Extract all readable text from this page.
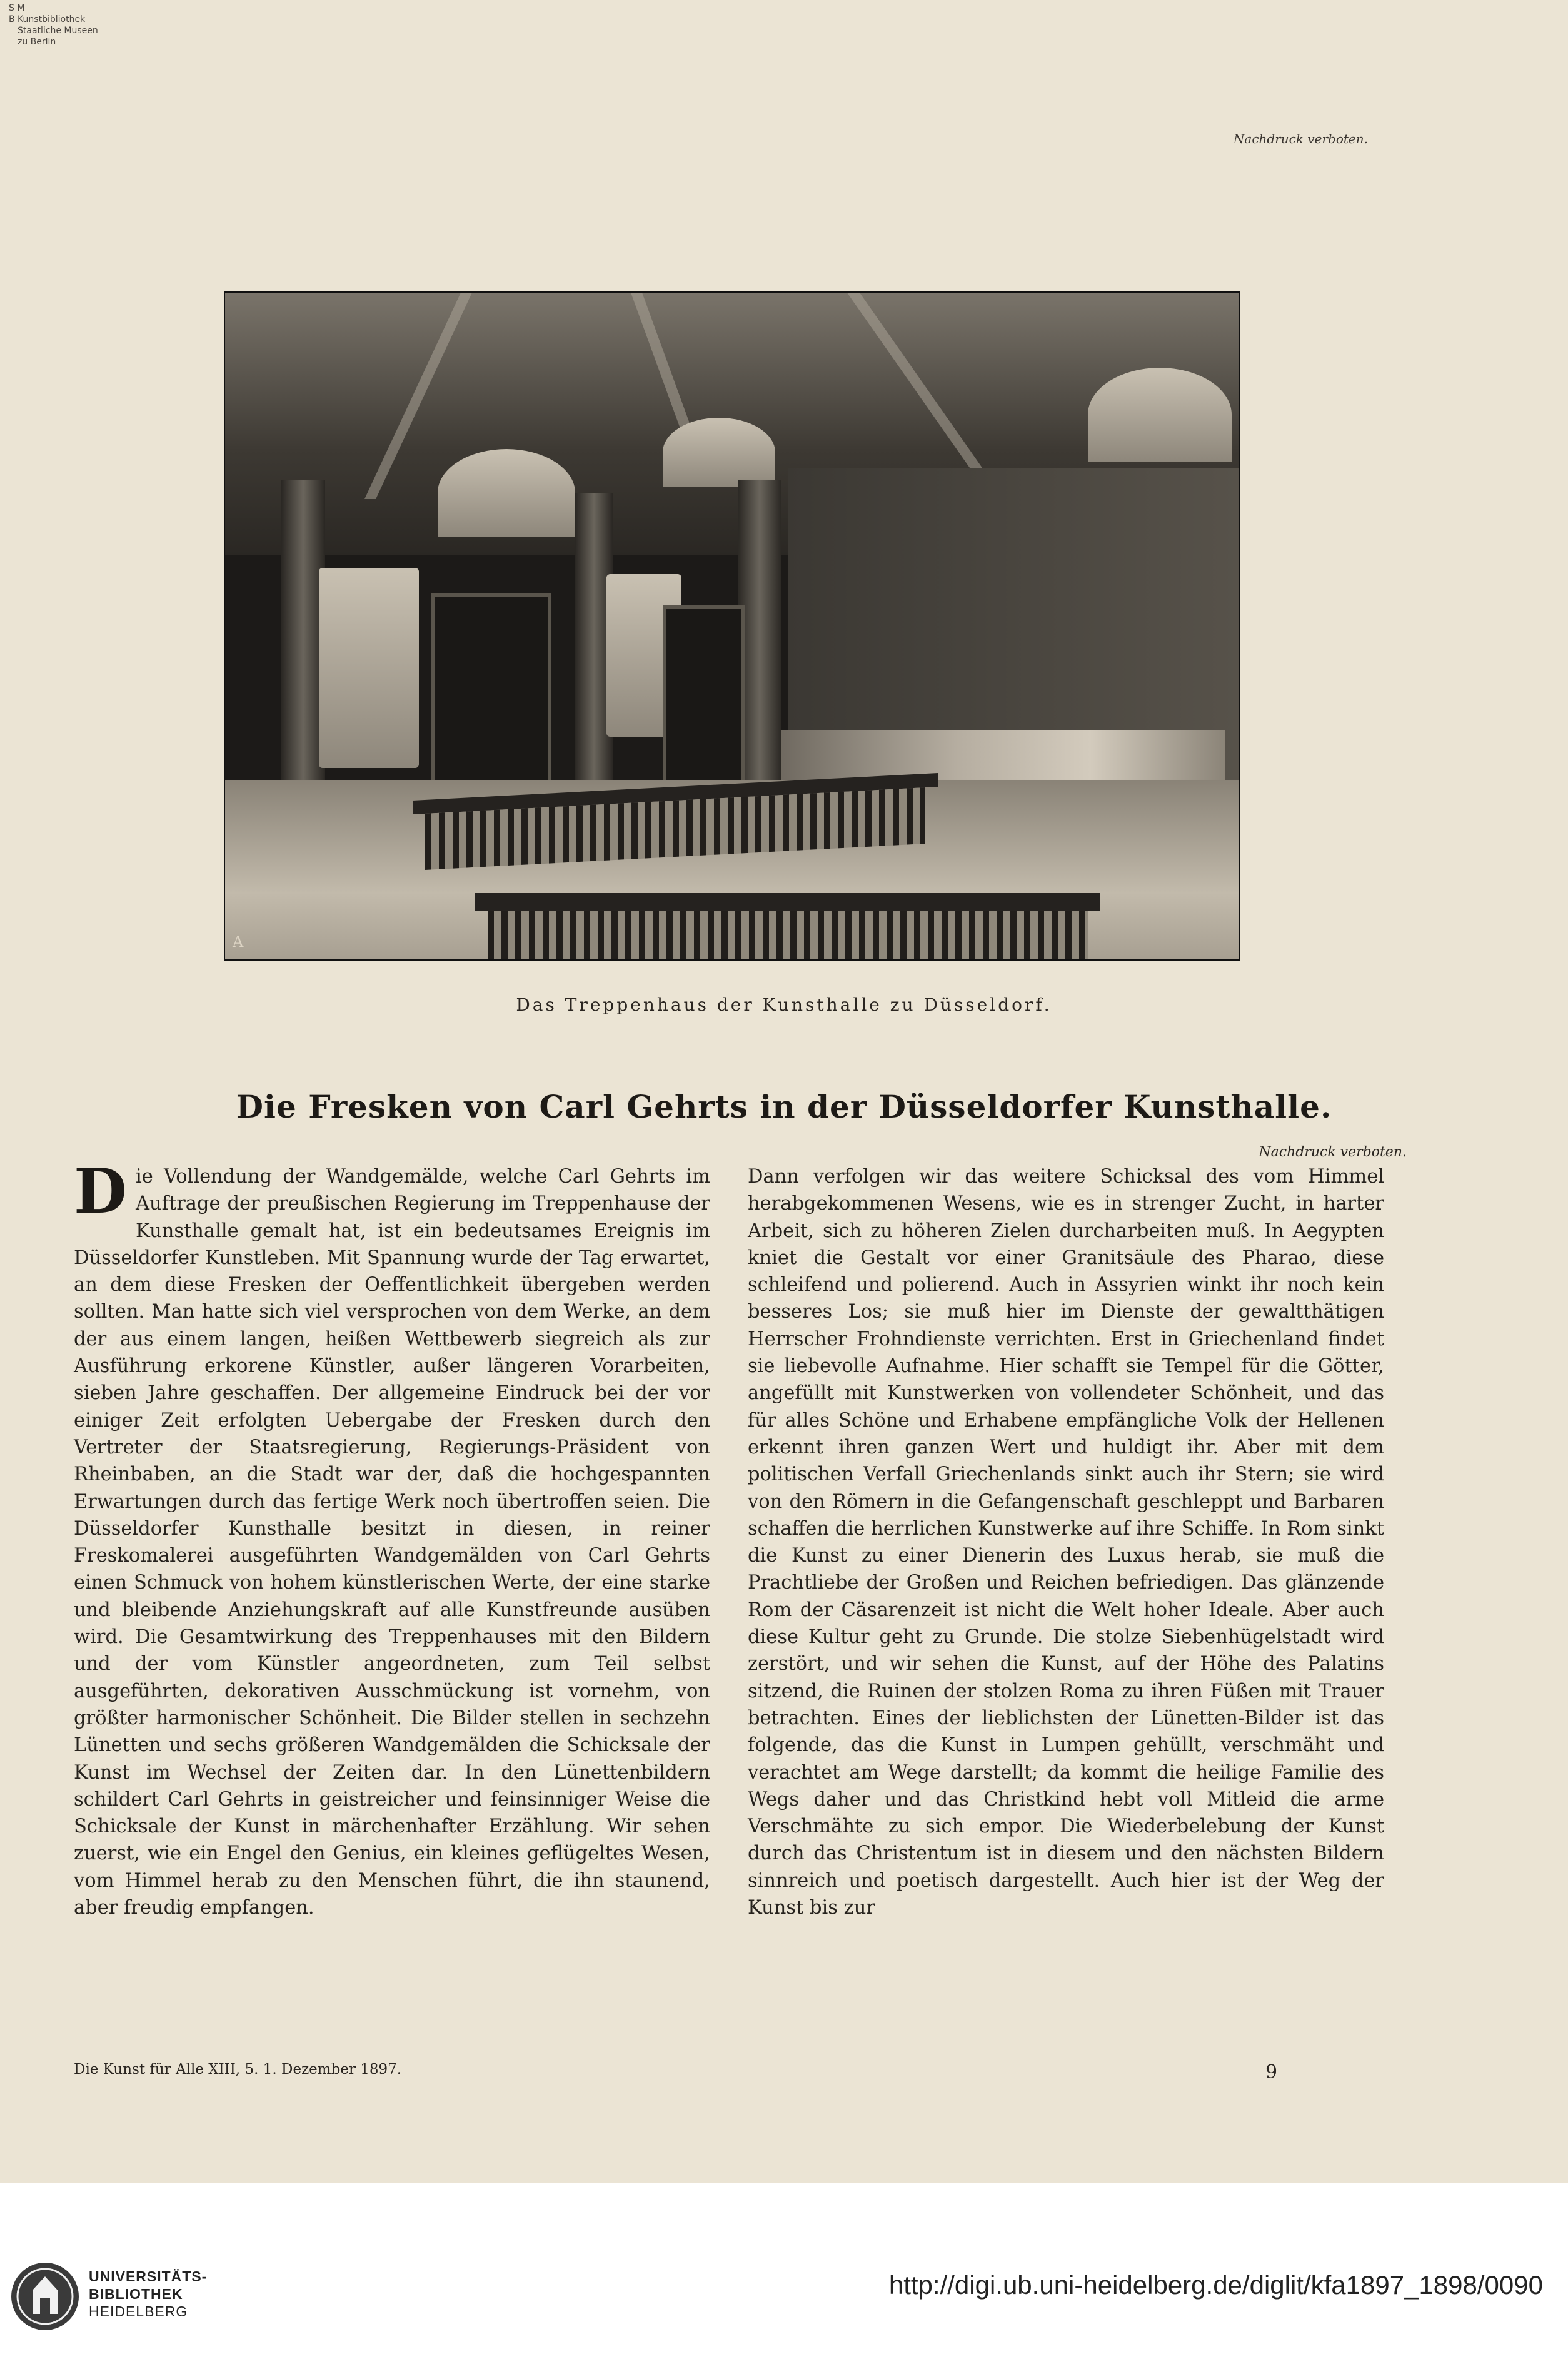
S M
B Kunstbibliothek
Staatliche Museen
zu Berlin
Nachdruck verboten.
A
Das Treppenhaus der Kunsthalle zu Düsseldorf.
Die Fresken von Carl Gehrts in der Düsseldorfer Kunsthalle.
Nachdruck verboten.

Die Vollendung der Wandgemälde, welche Carl Gehrts im Auftrage der preußischen Regierung im Treppenhause der Kunsthalle gemalt hat, ist ein bedeutsames Ereignis im Düsseldorfer Kunstleben. Mit Spannung wurde der Tag erwartet, an dem diese Fresken der Oeffentlichkeit übergeben werden sollten. Man hatte sich viel versprochen von dem Werke, an dem der aus einem langen, heißen Wettbewerb siegreich als zur Ausführung erkorene Künstler, außer längeren Vorarbeiten, sieben Jahre geschaffen. Der allgemeine Eindruck bei der vor einiger Zeit erfolgten Uebergabe der Fresken durch den Vertreter der Staatsregierung, Regierungs-Präsident von Rheinbaben, an die Stadt war der, daß die hochgespannten Erwartungen durch das fertige Werk noch übertroffen seien. Die Düsseldorfer Kunsthalle besitzt in diesen, in reiner Freskomalerei ausgeführten Wandgemälden von Carl Gehrts einen Schmuck von hohem künstlerischen Werte, der eine starke und bleibende Anziehungskraft auf alle Kunstfreunde ausüben wird. Die Gesamtwirkung des Treppenhauses mit den Bildern und der vom Künstler angeordneten, zum Teil selbst ausgeführten, dekorativen Ausschmückung ist vornehm, von größter harmonischer Schönheit. Die Bilder stellen in sechzehn Lünetten und sechs größeren Wandgemälden die Schicksale der Kunst im Wechsel der Zeiten dar. In den Lünettenbildern schildert Carl Gehrts in geistreicher und feinsinniger Weise die Schicksale der Kunst in märchenhafter Erzählung. Wir sehen zuerst, wie ein Engel den Genius, ein kleines geflügeltes Wesen, vom Himmel herab zu den Menschen führt, die ihn staunend, aber freudig empfangen.

Dann verfolgen wir das weitere Schicksal des vom Himmel herabgekommenen Wesens, wie es in strenger Zucht, in harter Arbeit, sich zu höheren Zielen durcharbeiten muß. In Aegypten kniet die Gestalt vor einer Granitsäule des Pharao, diese schleifend und polierend. Auch in Assyrien winkt ihr noch kein besseres Los; sie muß hier im Dienste der gewaltthätigen Herrscher Frohndienste verrichten. Erst in Griechenland findet sie liebevolle Aufnahme. Hier schafft sie Tempel für die Götter, angefüllt mit Kunstwerken von vollendeter Schönheit, und das für alles Schöne und Erhabene empfängliche Volk der Hellenen erkennt ihren ganzen Wert und huldigt ihr. Aber mit dem politischen Verfall Griechenlands sinkt auch ihr Stern; sie wird von den Römern in die Gefangenschaft geschleppt und Barbaren schaffen die herrlichen Kunstwerke auf ihre Schiffe. In Rom sinkt die Kunst zu einer Dienerin des Luxus herab, sie muß die Prachtliebe der Großen und Reichen befriedigen. Das glänzende Rom der Cäsarenzeit ist nicht die Welt hoher Ideale. Aber auch diese Kultur geht zu Grunde. Die stolze Siebenhügelstadt wird zerstört, und wir sehen die Kunst, auf der Höhe des Palatins sitzend, die Ruinen der stolzen Roma zu ihren Füßen mit Trauer betrachten. Eines der lieblichsten der Lünetten-Bilder ist das folgende, das die Kunst in Lumpen gehüllt, verschmäht und verachtet am Wege darstellt; da kommt die heilige Familie des Wegs daher und das Christkind hebt voll Mitleid die arme Verschmähte zu sich empor. Die Wiederbelebung der Kunst durch das Christentum ist in diesem und den nächsten Bildern sinnreich und poetisch dargestellt. Auch hier ist der Weg der Kunst bis zur

Die Kunst für Alle XIII, 5. 1. Dezember 1897.	9
UNIVERSITÄTS-
BIBLIOTHEK
HEIDELBERG
http://digi.ub.uni-heidelberg.de/diglit/kfa1897_1898/0090
